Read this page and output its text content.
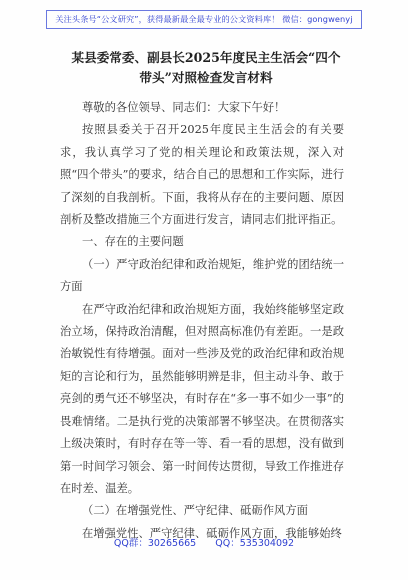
关注头条号“公文研究”，获得最新最全最专业的公文资料库！ 微信：gongwenyj
某县委常委、副县长2025年度民主生活会“四个带头”对照检查发言材料

尊敬的各位领导、同志们：大家下午好！

按照县委关于召开2025年度民主生活会的有关要求，我认真学习了党的相关理论和政策法规，深入对照“四个带头”的要求，结合自己的思想和工作实际，进行了深刻的自我剖析。下面，我将从存在的主要问题、原因剖析及整改措施三个方面进行发言，请同志们批评指正。

一、存在的主要问题

（一）严守政治纪律和政治规矩，维护党的团结统一方面

在严守政治纪律和政治规矩方面，我始终能够坚定政治立场，保持政治清醒，但对照高标准仍有差距。一是政治敏锐性有待增强。面对一些涉及党的政治纪律和政治规矩的言论和行为，虽然能够明辨是非，但主动斗争、敢于亮剑的勇气还不够坚决，有时存在“多一事不如少一事”的畏难情绪。二是执行党的决策部署不够坚决。在贯彻落实上级决策时，有时存在等一等、看一看的思想，没有做到第一时间学习领会、第一时间传达贯彻，导致工作推进存在时差、温差。

（二）在增强党性、严守纪律、砥砺作风方面

在增强党性、严守纪律、砥砺作风方面，我能够始终

QQ群：30265665 QQ：535304092
